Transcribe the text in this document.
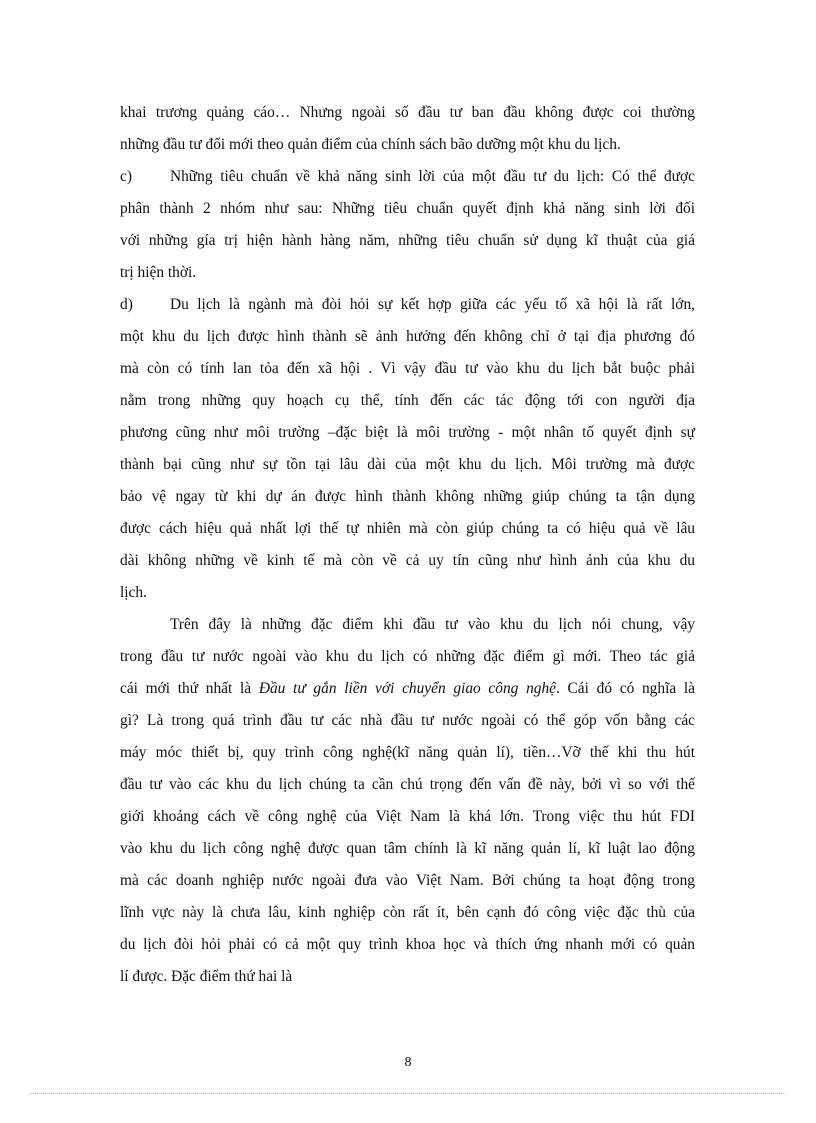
khai trương quảng cáo… Nhưng ngoài số đầu tư ban đầu không được coi thường
những đầu tư đổi mới theo quản điểm của chính sách bão dưỡng một khu du lịch.
c) Những tiêu chuẩn về khả năng sinh lời của một đầu tư du lịch: Có thể được
phân thành 2 nhóm như sau: Những tiêu chuẩn quyết định khả năng sinh lời đối
với những gía trị hiện hành hàng năm, những tiêu chuẩn sử dụng kĩ thuật của giá
trị hiện thời.
d) Du lịch là ngành mà đòi hỏi sự kết hợp giữa các yếu tố xã hội là rất lớn,
một khu du lịch được hình thành sẽ ảnh hưởng đến không chỉ ở tại địa phương đó
mà còn có tính lan tỏa đến xã hội . Vì vậy đầu tư vào khu du lịch bắt buộc phải
nằm trong những quy hoạch cụ thể, tính đến các tác động tới con người địa
phương cũng như môi trường –đặc biệt là môi trường - một nhân tố quyết định sự
thành bại cũng như sự tồn tại lâu dài của một khu du lịch. Môi trường mà được
bảo vệ ngay từ khi dự án được hình thành không những giúp chúng ta tận dụng
được cách hiệu quả nhất lợi thế tự nhiên mà còn giúp chúng ta có hiệu quả về lâu
dài không những về kinh tế mà còn về cả uy tín cũng như hình ảnh của khu du
lịch.
Trên đây là những đặc điểm khi đầu tư vào khu du lịch nói chung, vậy
trong đầu tư nước ngoài vào khu du lịch có những đặc điểm gì mới. Theo tác giả
cái mới thứ nhất là Đầu tư gắn liền với chuyển giao công nghệ. Cái đó có nghĩa là
gì? Là trong quá trình đầu tư các nhà đầu tư nước ngoài có thể góp vốn bằng các
máy móc thiết bị, quy trình công nghệ(kĩ năng quản lí), tiền…Vỡ thế khi thu hút
đầu tư vào các khu du lịch chúng ta cần chú trọng đến vấn đề này, bởi vì so với thế
giới khoảng cách về công nghệ của Việt Nam là khá lớn. Trong việc thu hút FDI
vào khu du lịch công nghệ được quan tâm chính là kĩ năng quản lí, kĩ luật lao động
mà các doanh nghiệp nước ngoài đưa vào Việt Nam. Bởi chúng ta hoạt động trong
lĩnh vực này là chưa lâu, kinh nghiệp còn rất ít, bên cạnh đó công việc đặc thù của
du lịch đòi hỏi phải có cả một quy trình khoa học và thích ứng nhanh mới có quản
lí được. Đặc điểm thứ hai là
8
